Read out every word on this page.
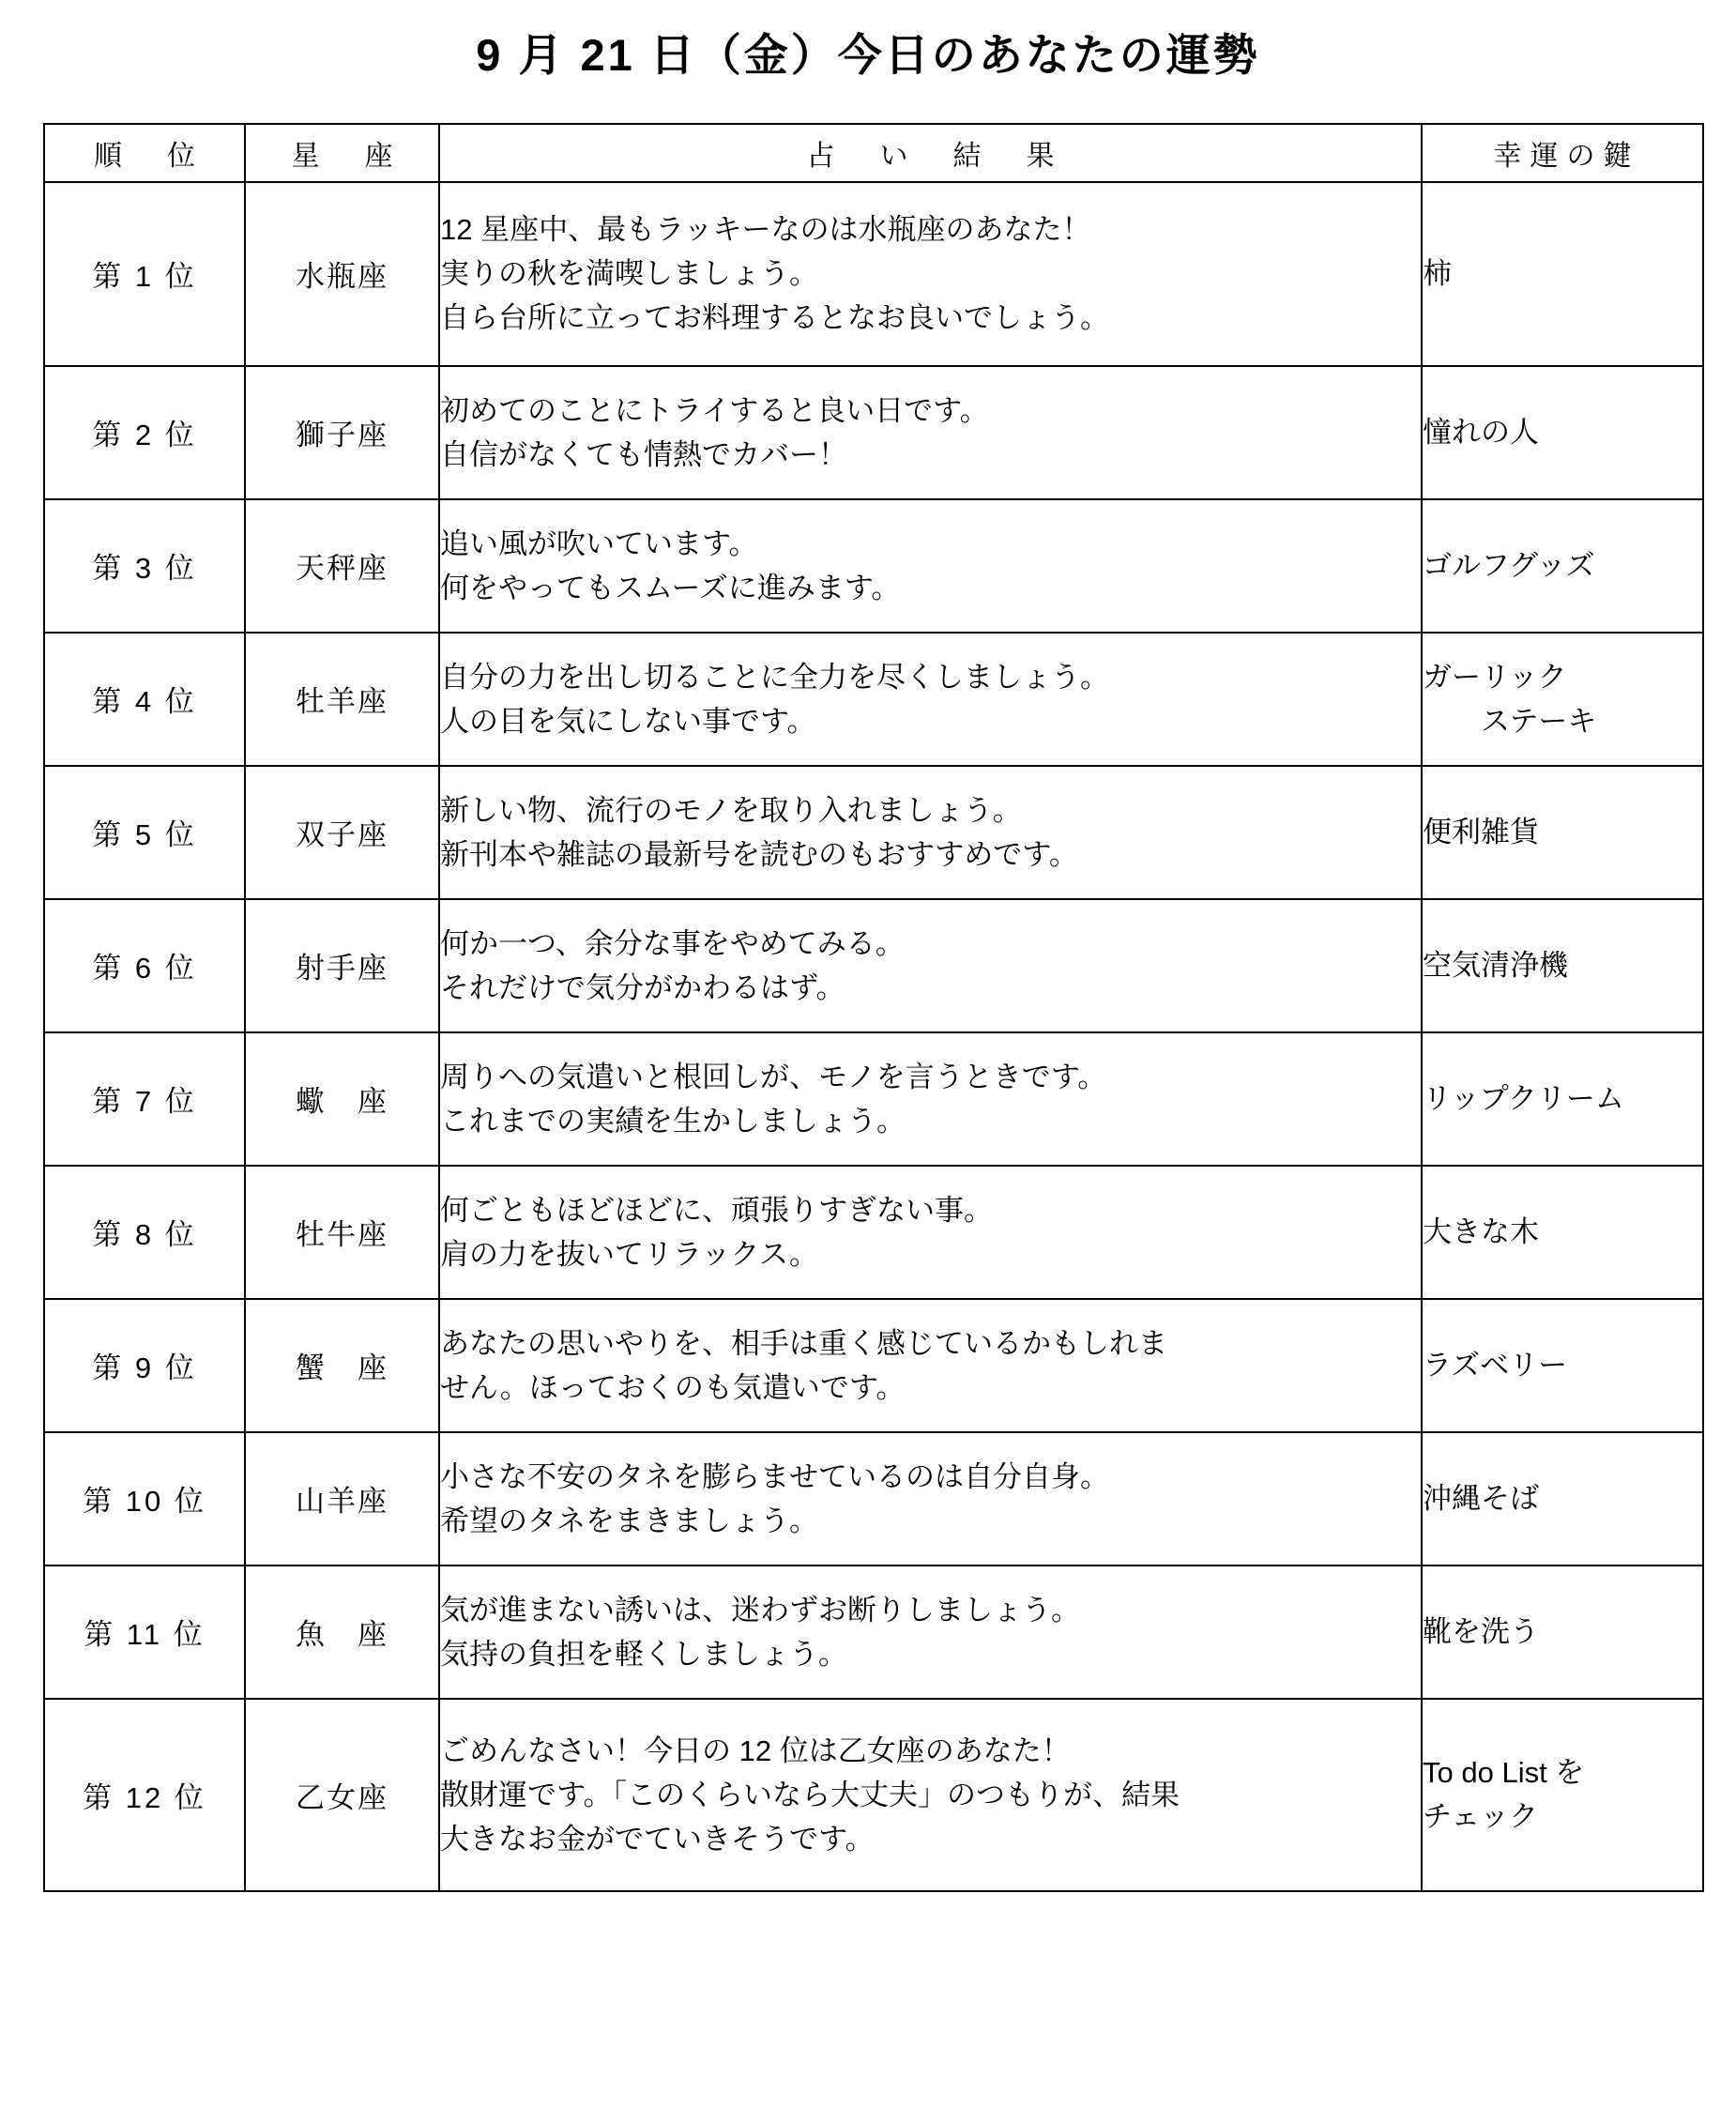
9 月 21 日（金）今日のあなたの運勢
順　位	星　座	占　い　結　果	幸運の鍵

第 1 位	水瓶座	12 星座中、最もラッキーなのは水瓶座のあなた！
実りの秋を満喫しましょう。
自ら台所に立ってお料理するとなお良いでしょう。	柿

第 2 位	獅子座	初めてのことにトライすると良い日です。
自信がなくても情熱でカバー！	憧れの人

第 3 位	天秤座	追い風が吹いています。
何をやってもスムーズに進みます。	ゴルフグッズ

第 4 位	牡羊座	自分の力を出し切ることに全力を尽くしましょう。
人の目を気にしない事です。	ガーリック
　　ステーキ

第 5 位	双子座	新しい物、流行のモノを取り入れましょう。
新刊本や雑誌の最新号を読むのもおすすめです。	便利雑貨

第 6 位	射手座	何か一つ、余分な事をやめてみる。
それだけで気分がかわるはず。	空気清浄機

第 7 位	蠍　座	周りへの気遣いと根回しが、モノを言うときです。
これまでの実績を生かしましょう。	リップクリーム

第 8 位	牡牛座	何ごともほどほどに、頑張りすぎない事。
肩の力を抜いてリラックス。	大きな木

第 9 位	蟹　座	あなたの思いやりを、相手は重く感じているかもしれま
せん。ほっておくのも気遣いです。	ラズベリー

第 10 位	山羊座	小さな不安のタネを膨らませているのは自分自身。
希望のタネをまきましょう。	沖縄そば

第 11 位	魚　座	気が進まない誘いは、迷わずお断りしましょう。
気持の負担を軽くしましょう。	靴を洗う

第 12 位	乙女座	ごめんなさい！今日の 12 位は乙女座のあなた！
散財運です。「このくらいなら大丈夫」のつもりが、結果
大きなお金がでていきそうです。	To do List を
チェック
